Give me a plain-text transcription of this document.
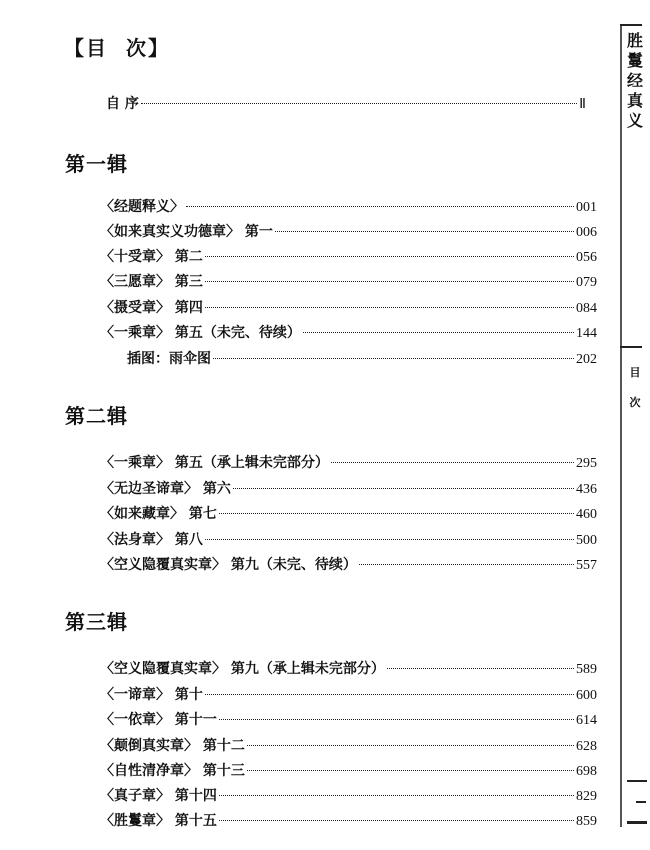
【目 次】
自 序	Ⅱ
第一辑
〈经题释义〉	001
〈如来真实义功德章〉 第一	006
〈十受章〉 第二	056
〈三愿章〉 第三	079
〈摄受章〉 第四	084
〈一乘章〉 第五（未完、待续）	144
插图：雨伞图	202
第二辑
〈一乘章〉 第五（承上辑未完部分）	295
〈无边圣谛章〉 第六	436
〈如来藏章〉 第七	460
〈法身章〉 第八	500
〈空义隐覆真实章〉 第九（未完、待续）	557
第三辑
〈空义隐覆真实章〉 第九（承上辑未完部分）	589
〈一谛章〉 第十	600
〈一依章〉 第十一	614
〈颠倒真实章〉 第十二	628
〈自性清净章〉 第十三	698
〈真子章〉 第十四	829
〈胜鬘章〉 第十五	859
胜
鬘
经
真
义
目
次
